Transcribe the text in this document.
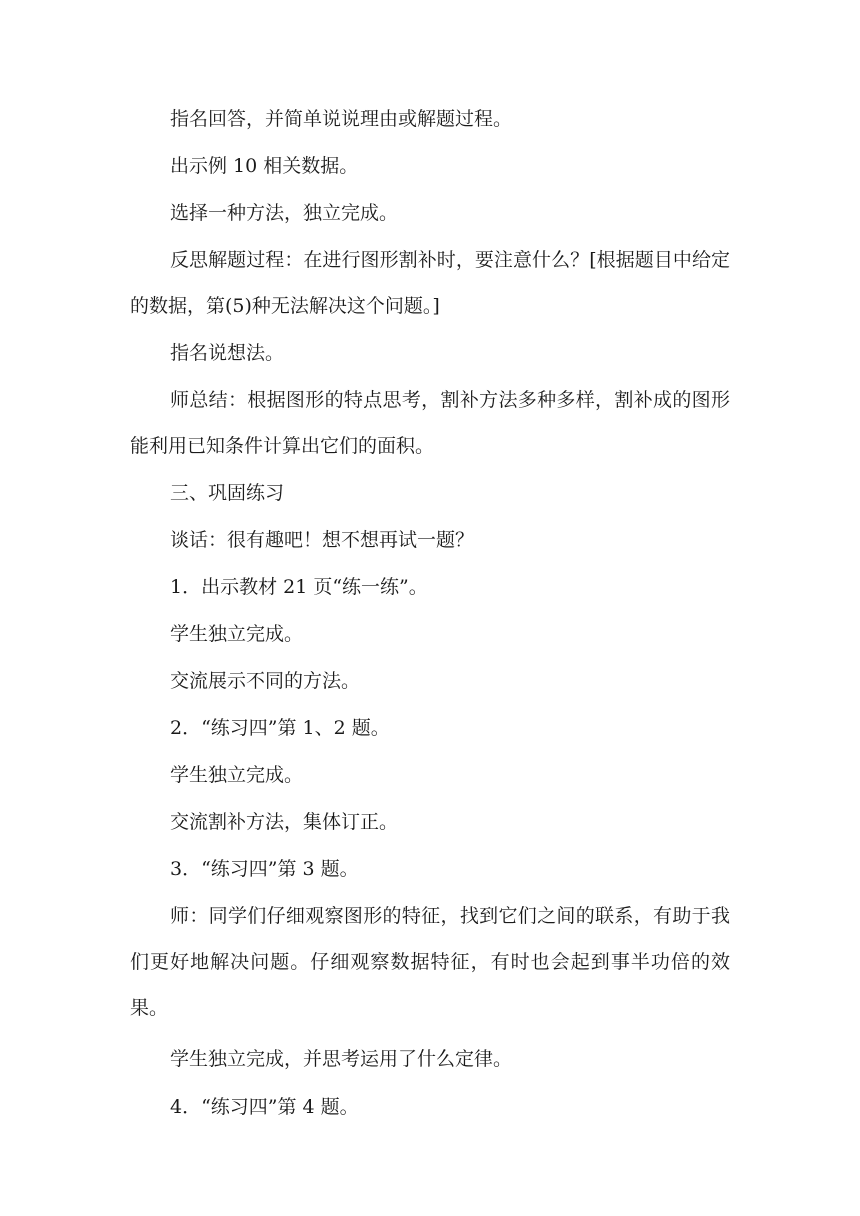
指名回答，并简单说说理由或解题过程。

出示例 10 相关数据。

选择一种方法，独立完成。

反思解题过程：在进行图形割补时，要注意什么？[根据题目中给定的数据，第(5)种无法解决这个问题。]

指名说想法。

师总结：根据图形的特点思考，割补方法多种多样，割补成的图形能利用已知条件计算出它们的面积。

三、巩固练习

谈话：很有趣吧！想不想再试一题？

1．出示教材 21 页“练一练”。

学生独立完成。

交流展示不同的方法。

2．“练习四”第 1、2 题。

学生独立完成。

交流割补方法，集体订正。

3．“练习四”第 3 题。

师：同学们仔细观察图形的特征，找到它们之间的联系，有助于我们更好地解决问题。仔细观察数据特征，有时也会起到事半功倍的效果。

学生独立完成，并思考运用了什么定律。

4．“练习四”第 4 题。
